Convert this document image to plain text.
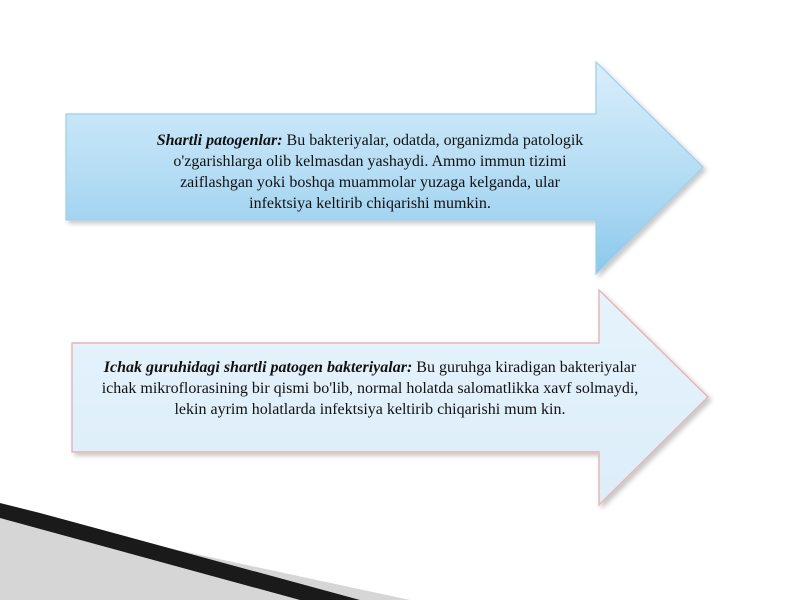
Shartli patogenlar: Bu bakteriyalar, odatda, organizmda patologik o'zgarishlarga olib kelmasdan yashaydi. Ammo immun tizimi zaiflashgan yoki boshqa muammolar yuzaga kelganda, ular infektsiya keltirib chiqarishi mumkin.
Ichak guruhidagi shartli patogen bakteriyalar: Bu guruhga kiradigan bakteriyalar ichak mikroflorasining bir qismi bo'lib, normal holatda salomatlikka xavf solmaydi, lekin ayrim holatlarda infektsiya keltirib chiqarishi mum kin.
